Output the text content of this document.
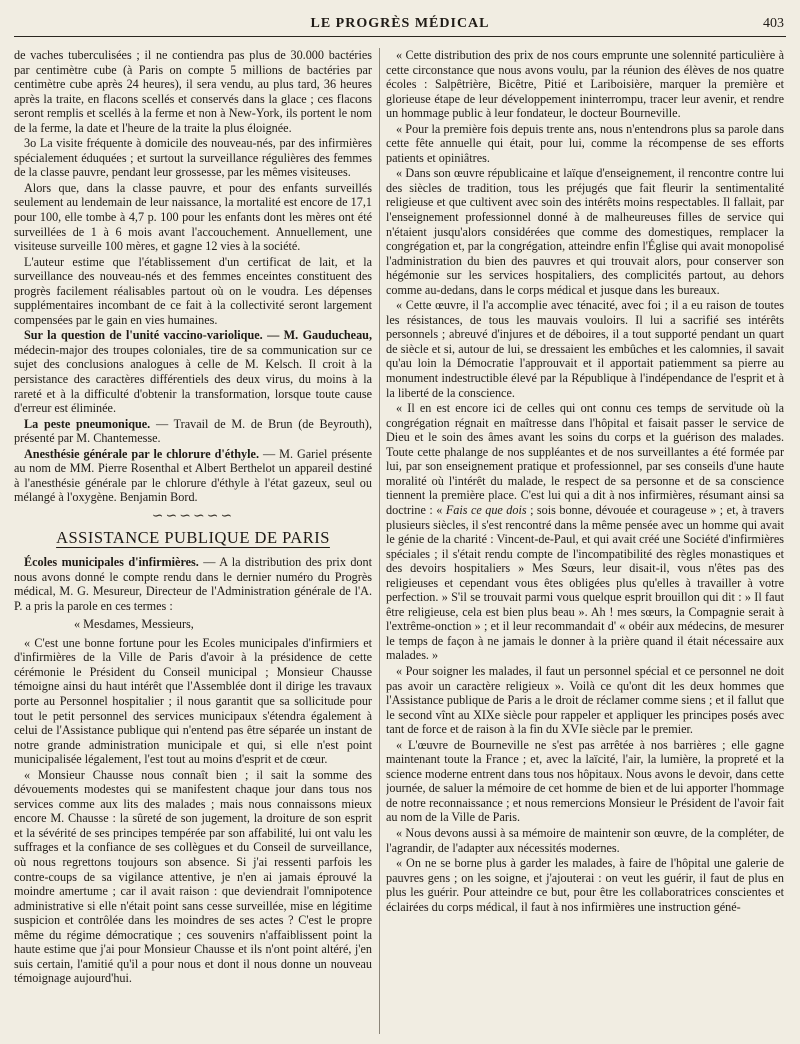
LE PROGRÈS MÉDICAL	403

de vaches tuberculisées ; il ne contiendra pas plus de 30.000 bactéries par centimètre cube (à Paris on compte 5 millions de bactéries par centimètre cube après 24 heures), il sera vendu, au plus tard, 36 heures après la traite, en flacons scellés et conservés dans la glace ; ces flacons seront remplis et scellés à la ferme et non à New-York, ils portent le nom de la ferme, la date et l'heure de la traite la plus éloignée.

3o La visite fréquente à domicile des nouveau-nés, par des infirmières spécialement éduquées ; et surtout la surveillance régulières des femmes de la classe pauvre, pendant leur grossesse, par les mêmes visiteuses.

Alors que, dans la classe pauvre, et pour des enfants surveillés seulement au lendemain de leur naissance, la mortalité est encore de 17,1 pour 100, elle tombe à 4,7 p. 100 pour les enfants dont les mères ont été surveillées de 1 à 6 mois avant l'accouchement. Annuellement, une visiteuse surveille 100 mères, et gagne 12 vies à la société.

L'auteur estime que l'établissement d'un certificat de lait, et la surveillance des nouveau-nés et des femmes enceintes constituent des progrès facilement réalisables partout où on le voudra. Les dépenses supplémentaires incombant de ce fait à la collectivité seront largement compensées par le gain en vies humaines.

Sur la question de l'unité vaccino-variolique. — M. Gauducheau, médecin-major des troupes coloniales, tire de sa communication sur ce sujet des conclusions analogues à celle de M. Kelsch. Il croit à la persistance des caractères différentiels des deux virus, du moins à la rareté et à la difficulté d'obtenir la transformation, lorsque toute cause d'erreur est éliminée.

La peste pneumonique. — Travail de M. de Brun (de Beyrouth), présenté par M. Chantemesse.

Anesthésie générale par le chlorure d'éthyle. — M. Gariel présente au nom de MM. Pierre Rosenthal et Albert Berthelot un appareil destiné à l'anesthésie générale par le chlorure d'éthyle à l'état gazeux, seul ou mélangé à l'oxygène. Benjamin Bord.

∽∽∽∽∽∽
ASSISTANCE PUBLIQUE DE PARIS

Écoles municipales d'infirmières. — A la distribution des prix dont nous avons donné le compte rendu dans le dernier numéro du Progrès médical, M. G. Mesureur, Directeur de l'Administration générale de l'A. P. a pris la parole en ces termes :

« Mesdames, Messieurs,

« C'est une bonne fortune pour les Ecoles municipales d'infirmiers et d'infirmières de la Ville de Paris d'avoir à la présidence de cette cérémonie le Président du Conseil municipal ; Monsieur Chausse témoigne ainsi du haut intérêt que l'Assemblée dont il dirige les travaux porte au Personnel hospitalier ; il nous garantit que sa sollicitude pour tout le petit personnel des services municipaux s'étendra également à celui de l'Assistance publique qui n'entend pas être séparée un instant de notre grande administration municipale et qui, si elle n'est point municipalisée légalement, l'est tout au moins d'esprit et de cœur.

« Monsieur Chausse nous connaît bien ; il sait la somme des dévouements modestes qui se manifestent chaque jour dans tous nos services comme aux lits des malades ; mais nous connaissons mieux encore M. Chausse : la sûreté de son jugement, la droiture de son esprit et la sévérité de ses principes tempérée par son affabilité, lui ont valu les suffrages et la confiance de ses collègues et du Conseil de surveillance, où nous regrettons toujours son absence. Si j'ai ressenti parfois les contre-coups de sa vigilance attentive, je n'en ai jamais éprouvé la moindre amertume ; car il avait raison : que deviendrait l'omnipotence administrative si elle n'était point sans cesse surveillée, mise en légitime suspicion et contrôlée dans les moindres de ses actes ? C'est le propre même du régime démocratique ; ces souvenirs n'affaiblissent point la haute estime que j'ai pour Monsieur Chausse et ils n'ont point altéré, j'en suis certain, l'amitié qu'il a pour nous et dont il nous donne un nouveau témoignage aujourd'hui.

« Cette distribution des prix de nos cours emprunte une solennité particulière à cette circonstance que nous avons voulu, par la réunion des élèves de nos quatre écoles : Salpêtrière, Bicêtre, Pitié et Lariboisière, marquer la première et glorieuse étape de leur développement ininterrompu, tracer leur avenir, et rendre un hommage public à leur fondateur, le docteur Bourneville.

« Pour la première fois depuis trente ans, nous n'entendrons plus sa parole dans cette fête annuelle qui était, pour lui, comme la récompense de ses efforts patients et opiniâtres.

« Dans son œuvre républicaine et laïque d'enseignement, il rencontre contre lui des siècles de tradition, tous les préjugés que fait fleurir la sentimentalité religieuse et que cultivent avec soin des intérêts moins respectables. Il fallait, par l'enseignement professionnel donné à de malheureuses filles de service qui n'étaient jusqu'alors considérées que comme des domestiques, remplacer la congrégation et, par la congrégation, atteindre enfin l'Église qui avait monopolisé l'administration du bien des pauvres et qui trouvait alors, pour conserver son hégémonie sur les services hospitaliers, des complicités partout, au dehors comme au-dedans, dans le corps médical et jusque dans les bureaux.

« Cette œuvre, il l'a accomplie avec ténacité, avec foi ; il a eu raison de toutes les résistances, de tous les mauvais vouloirs. Il lui a sacrifié ses intérêts personnels ; abreuvé d'injures et de déboires, il a tout supporté pendant un quart de siècle et si, autour de lui, se dressaient les embûches et les calomnies, il savait qu'au loin la Démocratie l'approuvait et il apportait patiemment sa pierre au monument indestructible élevé par la République à l'indépendance de l'esprit et à la liberté de la conscience.

« Il en est encore ici de celles qui ont connu ces temps de servitude où la congrégation régnait en maîtresse dans l'hôpital et faisait passer le service de Dieu et le soin des âmes avant les soins du corps et la guérison des malades. Toute cette phalange de nos suppléantes et de nos surveillantes a été formée par lui, par son enseignement pratique et professionnel, par ses conseils d'une haute moralité où l'intérêt du malade, le respect de sa personne et de sa conscience tiennent la première place. C'est lui qui a dit à nos infirmières, résumant ainsi sa doctrine : « Fais ce que dois ; sois bonne, dévouée et courageuse » ; et, à travers plusieurs siècles, il s'est rencontré dans la même pensée avec un homme qui avait le génie de la charité : Vincent-de-Paul, et qui avait créé une Société d'infirmières spéciales ; il s'était rendu compte de l'incompatibilité des règles monastiques et des devoirs hospitaliers » Mes Sœurs, leur disait-il, vous n'êtes pas des religieuses et cependant vous êtes obligées plus qu'elles à travailler à votre perfection. » S'il se trouvait parmi vous quelque esprit brouillon qui dit : » Il faut être religieuse, cela est bien plus beau ». Ah ! mes sœurs, la Compagnie serait à l'extrême-onction » ; et il leur recommandait d' « obéir aux médecins, de mesurer le temps de façon à ne jamais le donner à la prière quand il était nécessaire aux malades. »

« Pour soigner les malades, il faut un personnel spécial et ce personnel ne doit pas avoir un caractère religieux ». Voilà ce qu'ont dit les deux hommes que l'Assistance publique de Paris a le droit de réclamer comme siens ; et il fallut que le second vînt au XIXe siècle pour rappeler et appliquer les principes posés avec tant de force et de raison à la fin du XVIe siècle par le premier.

« L'œuvre de Bourneville ne s'est pas arrêtée à nos barrières ; elle gagne maintenant toute la France ; et, avec la laïcité, l'air, la lumière, la propreté et la science moderne entrent dans tous nos hôpitaux. Nous avons le devoir, dans cette journée, de saluer la mémoire de cet homme de bien et de lui apporter l'hommage de notre reconnaissance ; et nous remercions Monsieur le Président de l'avoir fait au nom de la Ville de Paris.

« Nous devons aussi à sa mémoire de maintenir son œuvre, de la compléter, de l'agrandir, de l'adapter aux nécessités modernes.

« On ne se borne plus à garder les malades, à faire de l'hôpital une galerie de pauvres gens ; on les soigne, et j'ajouterai : on veut les guérir, il faut de plus en plus les guérir. Pour atteindre ce but, pour être les collaboratrices conscientes et éclairées du corps médical, il faut à nos infirmières une instruction géné-
